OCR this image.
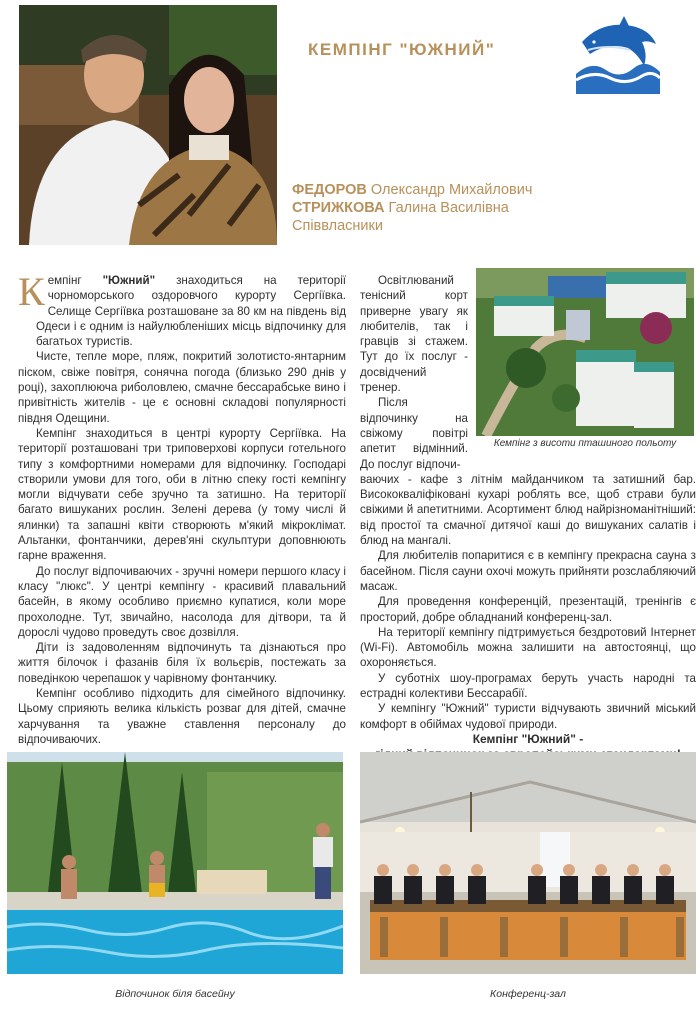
КЕМПІНГ "ЮЖНИЙ"
ФЕДОРОВ Олександр Михайлович
СТРИЖКОВА Галина Василівна
Співвласники

Кемпінг "Южний" знаходиться на території чорноморського оздоровчого курорту Сергіївка. Селище Сергіївка розташоване за 80 км на південь від Одеси і є одним із найулюбленіших місць відпочинку для багатьох туристів.

Чисте, тепле море, пляж, покритий золотисто-янтарним піском, свіже повітря, сонячна погода (близько 290 днів у році), захоплююча риболовлею, смачне бессарабське вино і привітність жителів - це є основні складові популярності півдня Одещини.

Кемпінг знаходиться в центрі курорту Сергіївка. На території розташовані три триповерхові корпуси готельного типу з комфортними номерами для відпочинку. Господарі створили умови для того, оби в літню спеку гості кемпінгу могли відчувати себе зручно та затишно. На території багато вишуканих рослин. Зелені дерева (у тому числі й ялинки) та запашні квіти створюють м'який мікроклімат. Альтанки, фонтанчики, дерев'яні скульптури доповнюють гарне враження.

До послуг відпочиваючих - зручні номери першого класу і класу "люкс". У центрі кемпінгу - красивий плавальний басейн, в якому особливо приємно купатися, коли море прохолодне. Тут, звичайно, насолода для дітвори, та й дорослі чудово проведуть своє дозвілля.

Діти із задоволенням відпочинуть та дізнаються про життя білочок і фазанів біля їх вольєрів, постежать за поведінкою черепашок у чарівному фонтанчику.

Кемпінг особливо підходить для сімейного відпочинку. Цьому сприяють велика кількість розваг для дітей, смачне харчування та уважне ставлення персоналу до відпочиваючих.

Освітлюваний тенісний корт приверне увагу як любителів, так і гравців зі стажем. Тут до їх послуг - досвідчений тренер.

Після відпочинку на свіжому повітрі апетит відмінний. До послуг відпочи-

ваючих - кафе з літнім майданчиком та затишний бар. Висококваліфіковані кухарі роблять все, щоб страви були свіжими й апетитними. Асортимент блюд найрізноманітніший: від простої та смачної дитячої каші до вишуканих салатів і блюд на мангалі.

Для любителів попаритися є в кемпінгу прекрасна сауна з басейном. Після сауни охочі можуть прийняти розслабляючий масаж.

Для проведення конференцій, презентацій, тренінгів є просторий, добре обладнаний конференц-зал.

На території кемпінгу підтримується бездротовий Інтернет (Wi-Fi). Автомобіль можна залишити на автостоянці, що охороняється.

У суботніх шоу-програмах беруть участь народні та естрадні колективи Бессарабії.

У кемпінгу "Южний" туристи відчувають звичний міський комфорт в обіймах чудової природи.

Кемпінг "Южний" -

Кемпінг з висоти пташиного польоту
Відпочинок біля басейну	Конференц-зал
